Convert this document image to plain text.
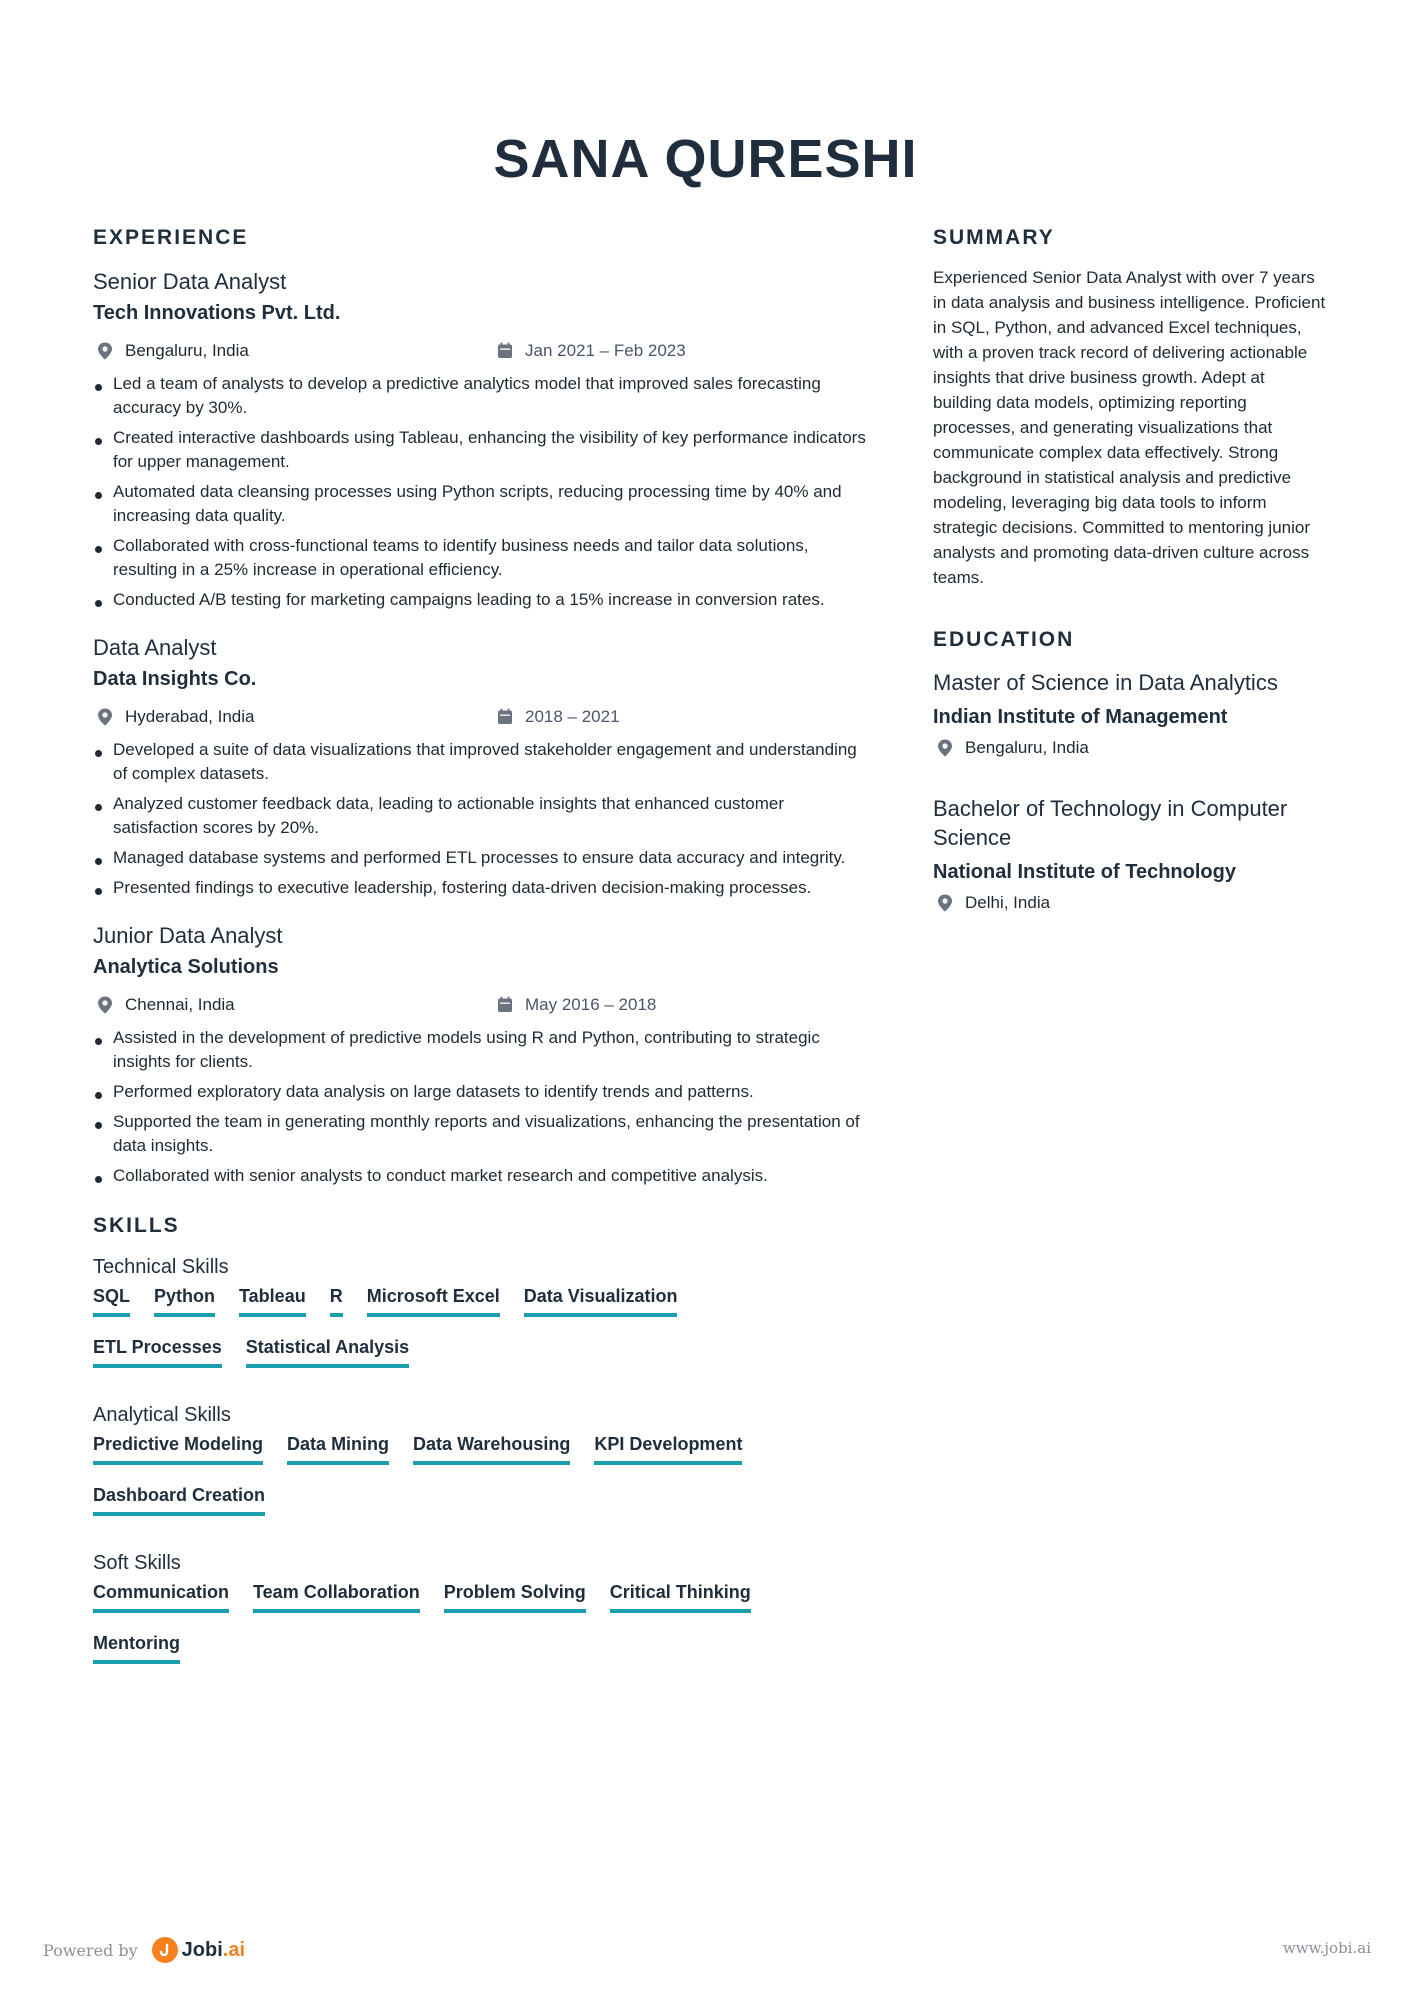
SANA QURESHI
EXPERIENCE
Senior Data Analyst
Tech Innovations Pvt. Ltd.
Bengaluru, India	Jan 2021 – Feb 2023
Led a team of analysts to develop a predictive analytics model that improved sales forecasting accuracy by 30%.
Created interactive dashboards using Tableau, enhancing the visibility of key performance indicators for upper management.
Automated data cleansing processes using Python scripts, reducing processing time by 40% and increasing data quality.
Collaborated with cross-functional teams to identify business needs and tailor data solutions, resulting in a 25% increase in operational efficiency.
Conducted A/B testing for marketing campaigns leading to a 15% increase in conversion rates.
Data Analyst
Data Insights Co.
Hyderabad, India	2018 – 2021
Developed a suite of data visualizations that improved stakeholder engagement and understanding of complex datasets.
Analyzed customer feedback data, leading to actionable insights that enhanced customer satisfaction scores by 20%.
Managed database systems and performed ETL processes to ensure data accuracy and integrity.
Presented findings to executive leadership, fostering data-driven decision-making processes.
Junior Data Analyst
Analytica Solutions
Chennai, India	May 2016 – 2018
Assisted in the development of predictive models using R and Python, contributing to strategic insights for clients.
Performed exploratory data analysis on large datasets to identify trends and patterns.
Supported the team in generating monthly reports and visualizations, enhancing the presentation of data insights.
Collaborated with senior analysts to conduct market research and competitive analysis.
SKILLS
Technical Skills
SQL Python Tableau R Microsoft Excel Data Visualization
ETL Processes Statistical Analysis
Analytical Skills
Predictive Modeling Data Mining Data Warehousing KPI Development
Dashboard Creation
Soft Skills
Communication Team Collaboration Problem Solving Critical Thinking
Mentoring
SUMMARY

Experienced Senior Data Analyst with over 7 years in data analysis and business intelligence. Proficient in SQL, Python, and advanced Excel techniques, with a proven track record of delivering actionable insights that drive business growth. Adept at building data models, optimizing reporting processes, and generating visualizations that communicate complex data effectively. Strong background in statistical analysis and predictive modeling, leveraging big data tools to inform strategic decisions. Committed to mentoring junior analysts and promoting data-driven culture across teams.

EDUCATION
Master of Science in Data Analytics
Indian Institute of Management
Bengaluru, India
Bachelor of Technology in Computer Science
National Institute of Technology
Delhi, India
Powered by Jobi.ai	www.jobi.ai
